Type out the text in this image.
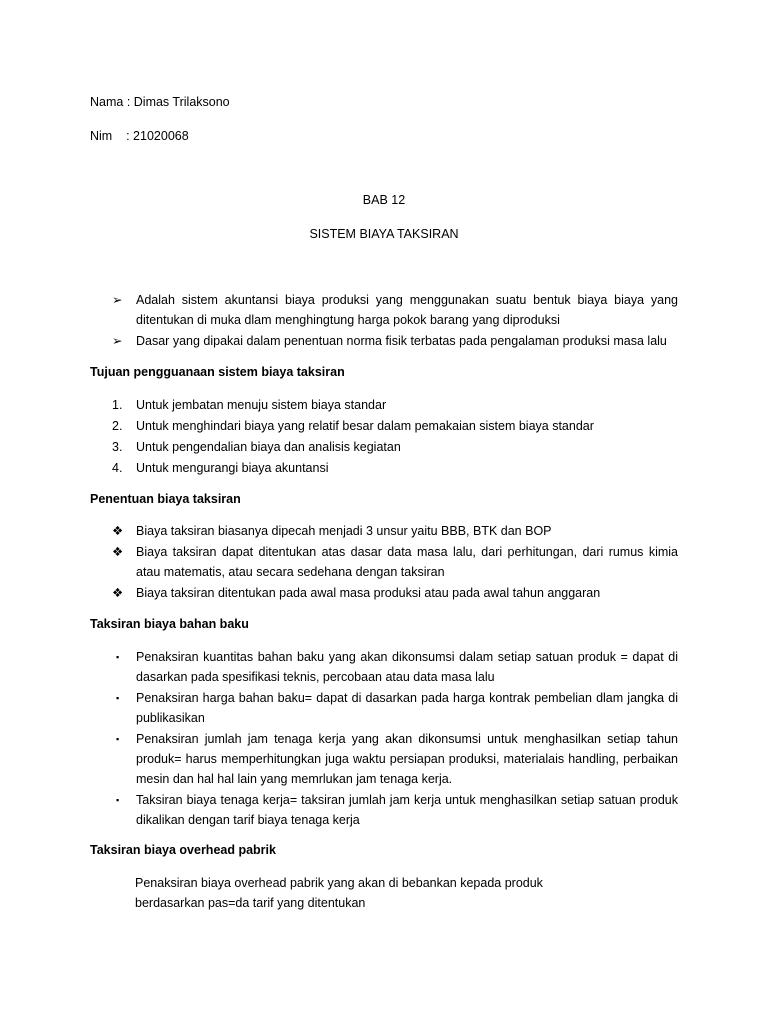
Nama : Dimas Trilaksono
Nim    : 21020068
BAB 12
SISTEM BIAYA TAKSIRAN
➢	Adalah sistem akuntansi biaya produksi yang menggunakan suatu bentuk biaya biaya yang ditentukan di muka dlam menghingtung harga pokok barang yang diproduksi
➢	Dasar yang dipakai dalam penentuan norma fisik terbatas pada pengalaman produksi masa lalu
Tujuan pengguanaan sistem biaya taksiran
1.	Untuk jembatan menuju sistem biaya standar
2.	Untuk menghindari biaya yang relatif besar dalam pemakaian sistem biaya standar
3.	Untuk pengendalian biaya dan analisis kegiatan
4.	Untuk mengurangi biaya akuntansi
Penentuan biaya taksiran
❖	Biaya taksiran biasanya dipecah menjadi 3 unsur yaitu BBB, BTK dan BOP
❖	Biaya taksiran dapat ditentukan atas dasar data masa lalu, dari perhitungan, dari rumus kimia atau matematis, atau secara sedehana dengan taksiran
❖	Biaya taksiran ditentukan pada awal masa produksi atau pada awal tahun anggaran
Taksiran biaya bahan baku
▪	Penaksiran kuantitas bahan baku yang akan dikonsumsi dalam setiap satuan produk = dapat di dasarkan pada spesifikasi teknis, percobaan atau data masa lalu
▪	Penaksiran harga bahan baku= dapat di dasarkan pada harga kontrak pembelian dlam jangka di publikasikan
▪	Penaksiran jumlah jam tenaga kerja yang akan dikonsumsi untuk menghasilkan setiap tahun produk= harus memperhitungkan juga waktu persiapan produksi, materialais handling, perbaikan mesin dan hal hal lain yang memrlukan jam tenaga kerja.
▪	Taksiran biaya tenaga kerja= taksiran jumlah jam kerja untuk menghasilkan setiap satuan produk dikalikan dengan tarif biaya tenaga kerja
Taksiran biaya overhead pabrik
Penaksiran biaya overhead pabrik yang akan di bebankan kepada produk
berdasarkan pas=da tarif yang ditentukan
